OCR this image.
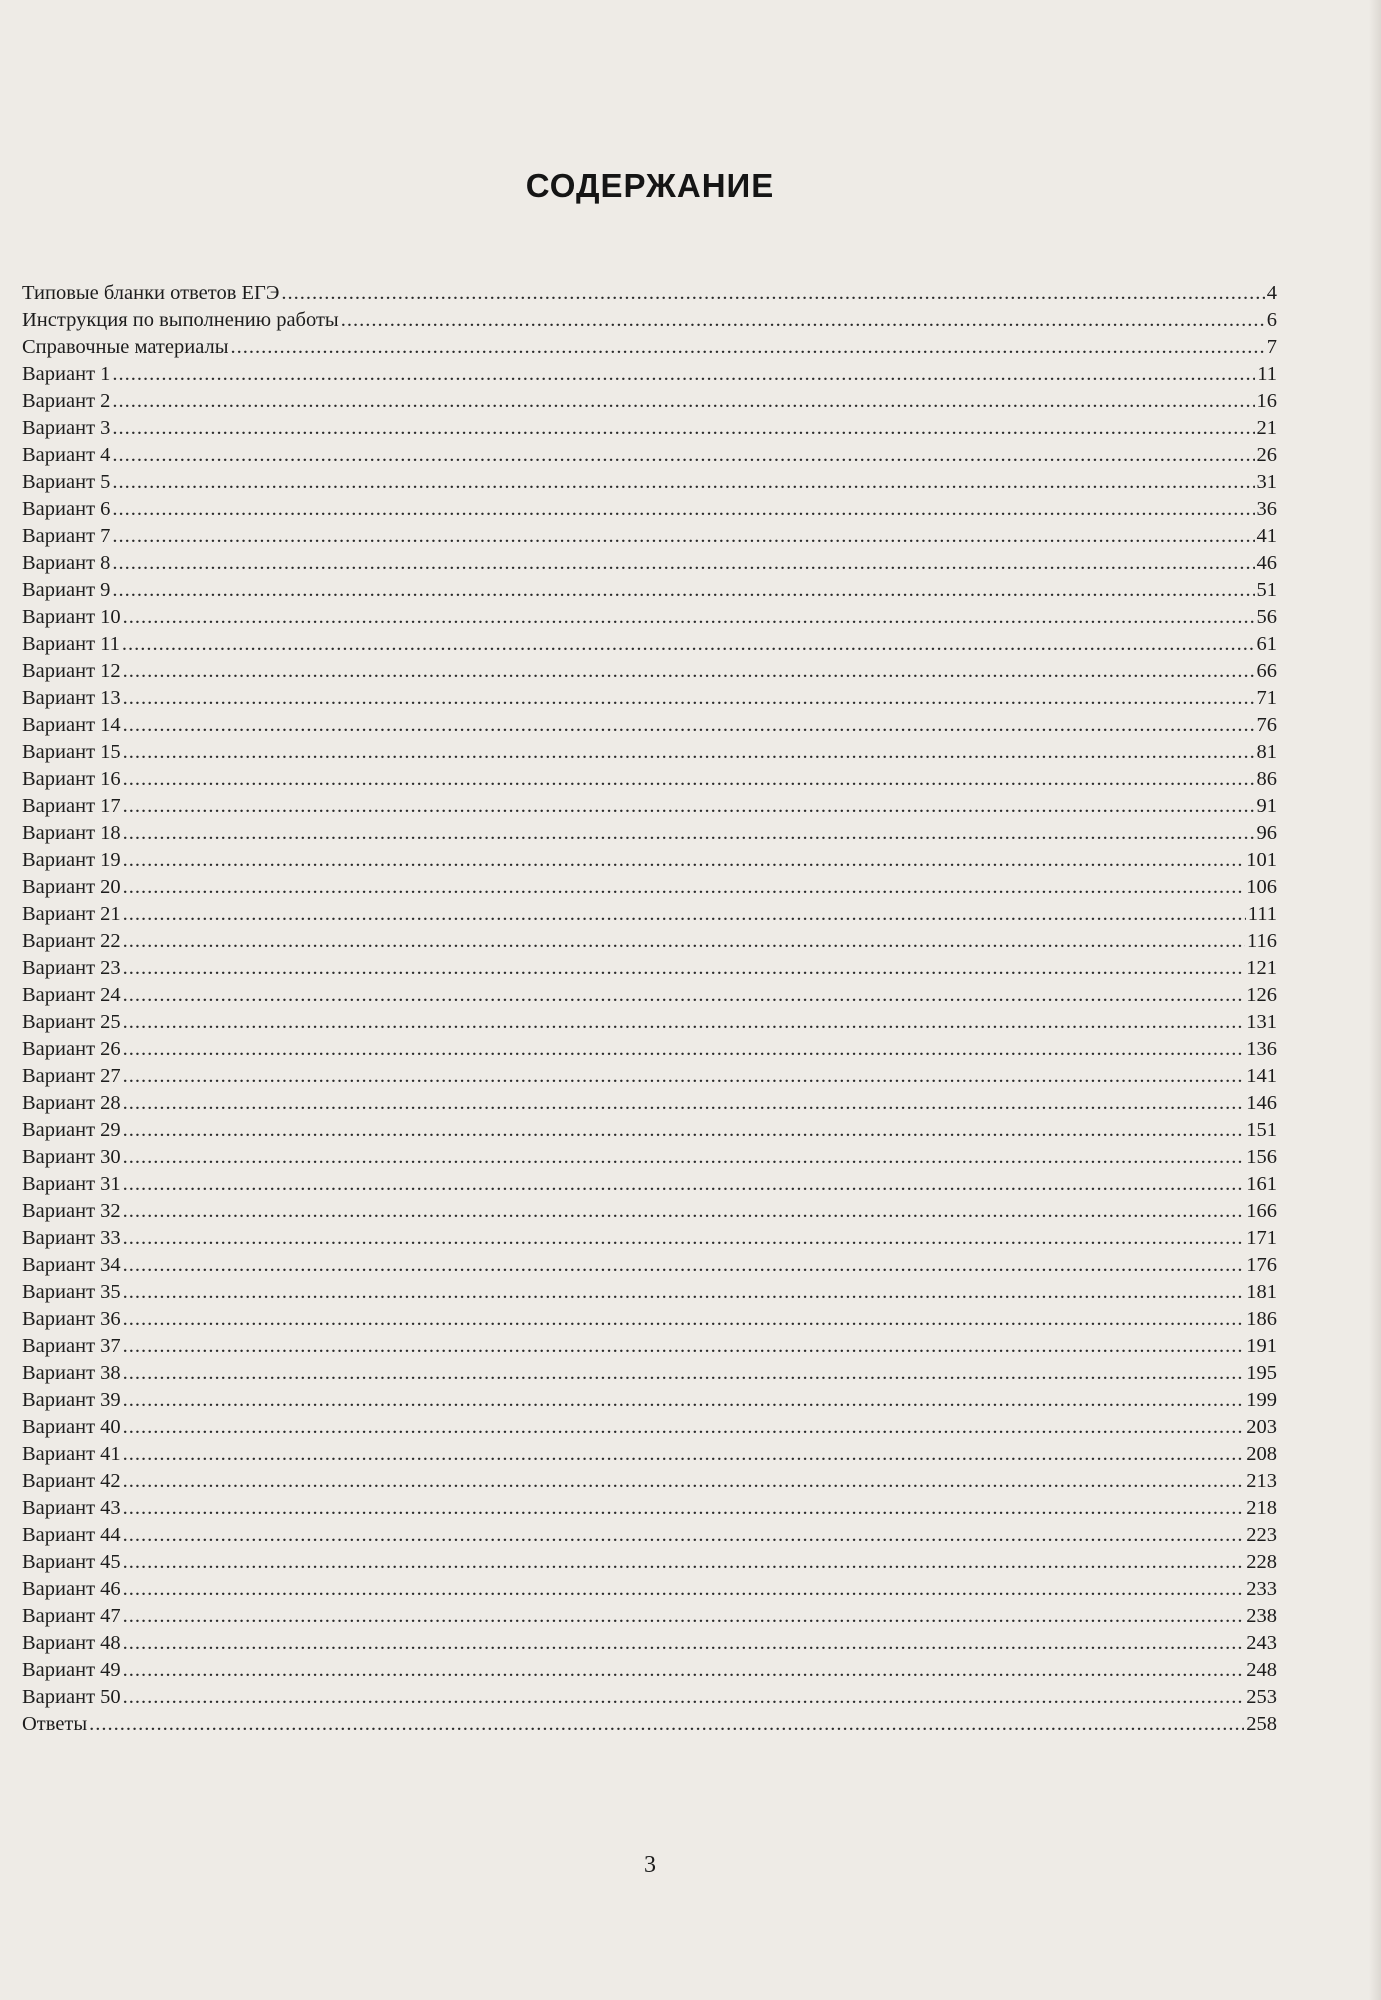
СОДЕРЖАНИЕ
Типовые бланки ответов ЕГЭ .....	4
Инструкция по выполнению работы .....	6
Справочные материалы .....	7
Вариант 1 .....	11
Вариант 2 .....	16
Вариант 3 .....	21
Вариант 4 .....	26
Вариант 5 .....	31
Вариант 6 .....	36
Вариант 7 .....	41
Вариант 8 .....	46
Вариант 9 .....	51
Вариант 10 .....	56
Вариант 11 .....	61
Вариант 12 .....	66
Вариант 13 .....	71
Вариант 14 .....	76
Вариант 15 .....	81
Вариант 16 .....	86
Вариант 17 .....	91
Вариант 18 .....	96
Вариант 19 .....	101
Вариант 20 .....	106
Вариант 21 .....	111
Вариант 22 .....	116
Вариант 23 .....	121
Вариант 24 .....	126
Вариант 25 .....	131
Вариант 26 .....	136
Вариант 27 .....	141
Вариант 28 .....	146
Вариант 29 .....	151
Вариант 30 .....	156
Вариант 31 .....	161
Вариант 32 .....	166
Вариант 33 .....	171
Вариант 34 .....	176
Вариант 35 .....	181
Вариант 36 .....	186
Вариант 37 .....	191
Вариант 38 .....	195
Вариант 39 .....	199
Вариант 40 .....	203
Вариант 41 .....	208
Вариант 42 .....	213
Вариант 43 .....	218
Вариант 44 .....	223
Вариант 45 .....	228
Вариант 46 .....	233
Вариант 47 .....	238
Вариант 48 .....	243
Вариант 49 .....	248
Вариант 50 .....	253
Ответы .....	258
3
